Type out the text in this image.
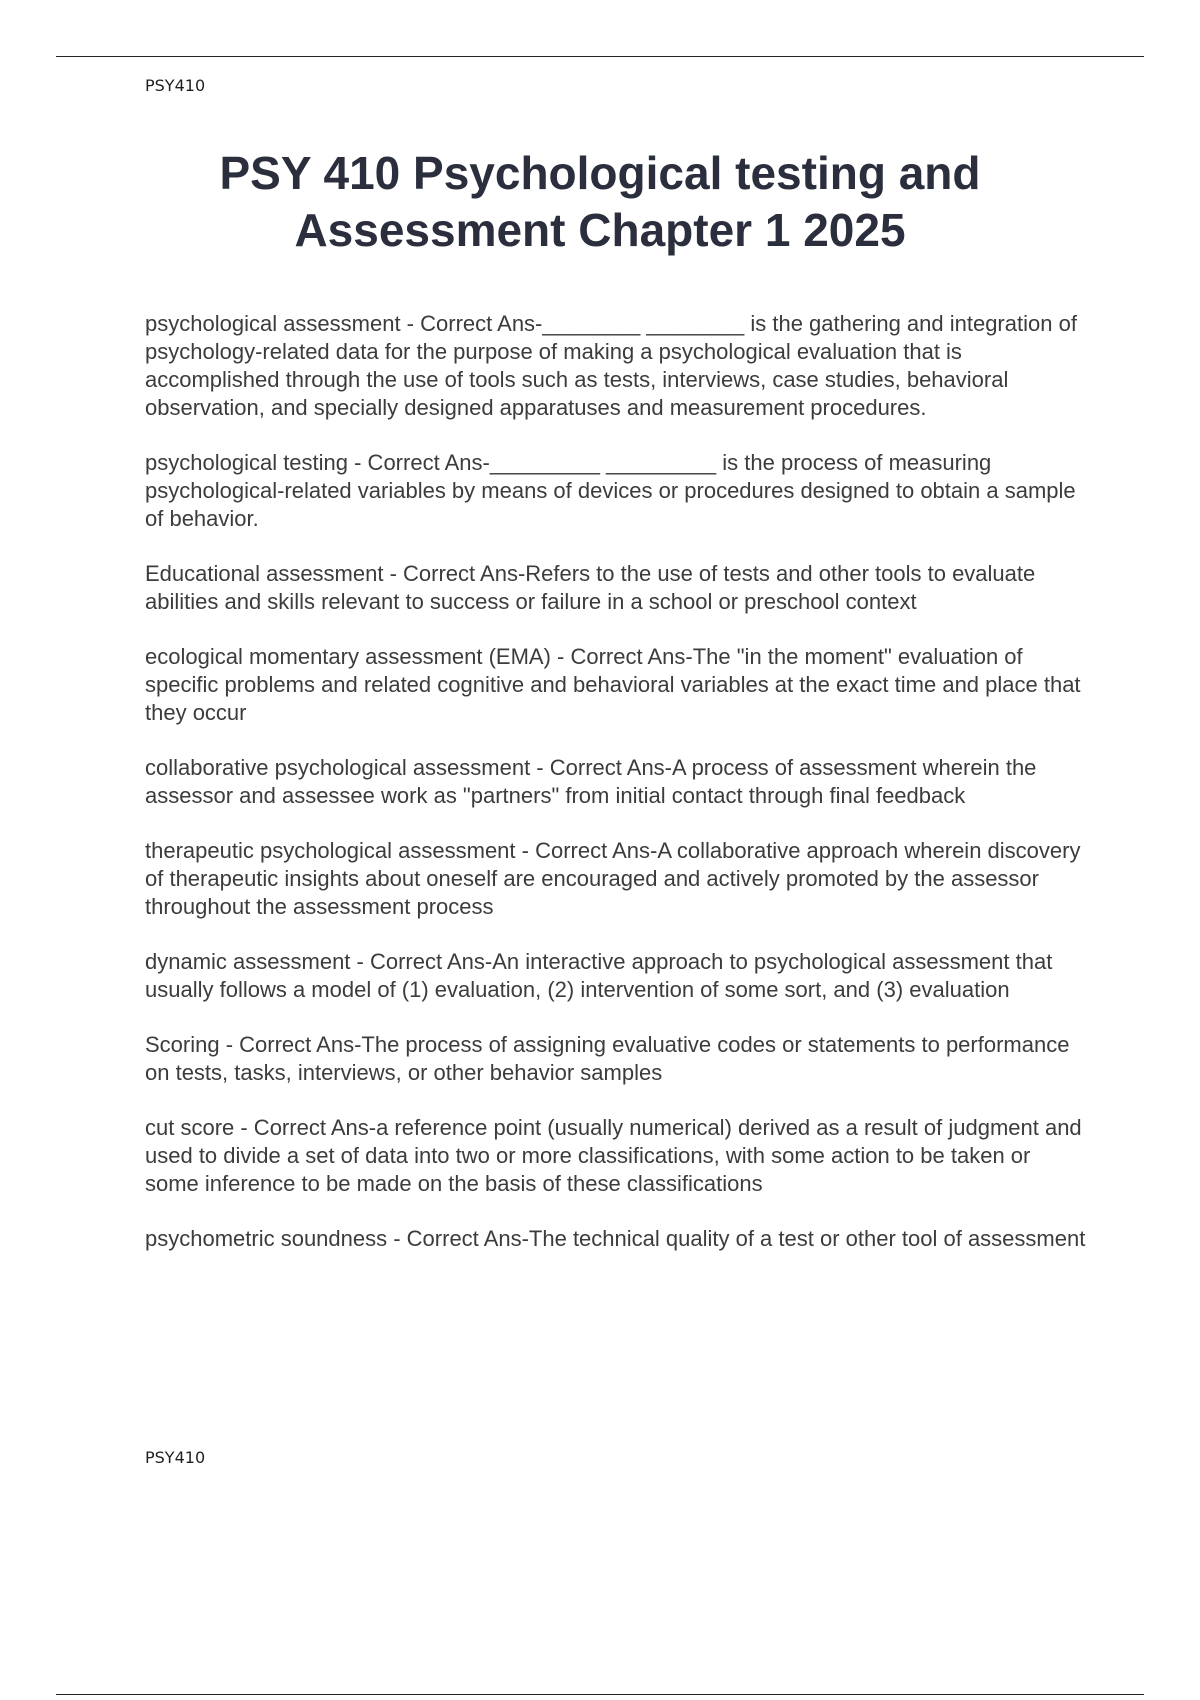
PSY410
PSY 410 Psychological testing and
Assessment Chapter 1 2025

psychological assessment - Correct Ans-________ ________ is the gathering and integration of psychology-related data for the purpose of making a psychological evaluation that is accomplished through the use of tools such as tests, interviews, case studies, behavioral observation, and specially designed apparatuses and measurement procedures.

psychological testing - Correct Ans-_________ _________ is the process of measuring psychological-related variables by means of devices or procedures designed to obtain a sample of behavior.

Educational assessment - Correct Ans-Refers to the use of tests and other tools to evaluate abilities and skills relevant to success or failure in a school or preschool context

ecological momentary assessment (EMA) - Correct Ans-The "in the moment" evaluation of specific problems and related cognitive and behavioral variables at the exact time and place that they occur

collaborative psychological assessment - Correct Ans-A process of assessment wherein the assessor and assessee work as "partners" from initial contact through final feedback

therapeutic psychological assessment - Correct Ans-A collaborative approach wherein discovery of therapeutic insights about oneself are encouraged and actively promoted by the assessor throughout the assessment process

dynamic assessment - Correct Ans-An interactive approach to psychological assessment that usually follows a model of (1) evaluation, (2) intervention of some sort, and (3) evaluation

Scoring - Correct Ans-The process of assigning evaluative codes or statements to performance on tests, tasks, interviews, or other behavior samples

cut score - Correct Ans-a reference point (usually numerical) derived as a result of judgment and used to divide a set of data into two or more classifications, with some action to be taken or some inference to be made on the basis of these classifications

psychometric soundness - Correct Ans-The technical quality of a test or other tool of assessment

PSY410
